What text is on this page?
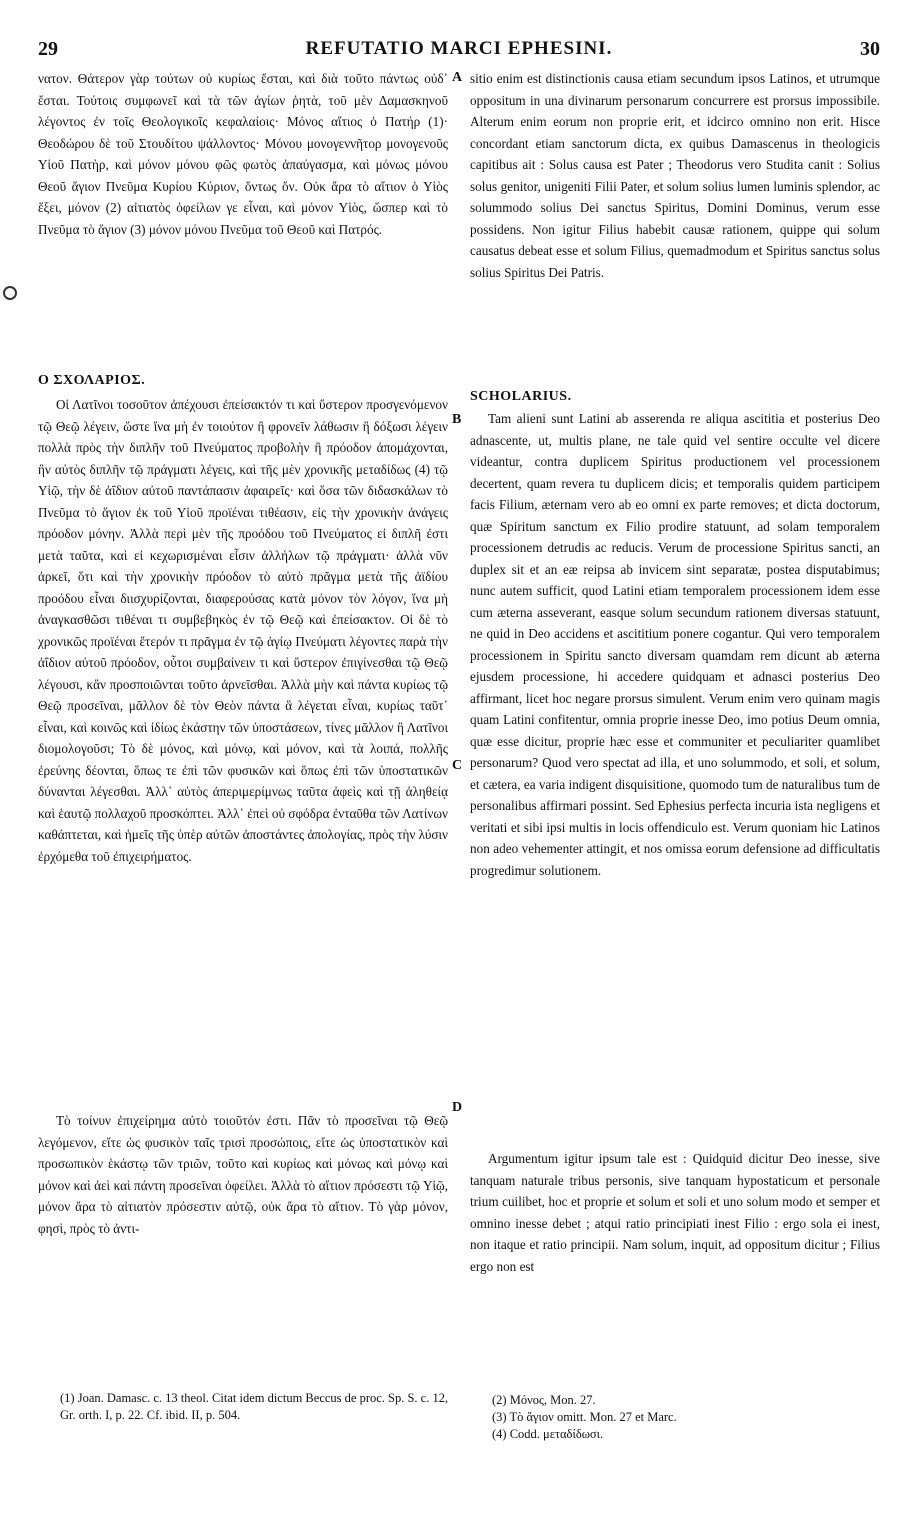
29	REFUTATIO MARCI EPHESINI.	30
A
B
C
D

νατον. Θάτερον γὰρ τούτων οὐ κυρίως ἔσται, καὶ διὰ τοῦτο πάντως οὐδ᾽ ἔσται. Τούτοις συμφωνεῖ καὶ τὰ τῶν ἁγίων ῥητὰ, τοῦ μὲν Δαμασκηνοῦ λέγοντος ἐν τοῖς Θεολογικοῖς κεφαλαίοις· Μόνος αἴτιος ὁ Πατήρ (1)· Θεοδώρου δὲ τοῦ Στουδίτου ψάλλοντος· Μόνου μονογεννῆτορ μονογενοῦς Υἱοῦ Πατὴρ, καὶ μόνον μόνου φῶς φωτὸς ἀπαύγασμα, καὶ μόνως μόνου Θεοῦ ἅγιον Πνεῦμα Κυρίου Κύριον, ὄντως ὄν. Οὐκ ἄρα τὸ αἴτιον ὁ Υἱὸς ἕξει, μόνον (2) αἰτιατὸς ὀφείλων γε εἶναι, καὶ μόνον Υἱὸς, ὥσπερ καὶ τὸ Πνεῦμα τὸ ἅγιον (3) μόνον μόνου Πνεῦμα τοῦ Θεοῦ καὶ Πατρός.

Ο ΣΧΟΛΑΡΙΟΣ.

Οἱ Λατῖνοι τοσοῦτον ἀπέχουσι ἐπείσακτόν τι καὶ ὕστερον προσγενόμενον τῷ Θεῷ λέγειν, ὥστε ἵνα μὴ ἐν τοιούτον ἢ φρονεῖν λάθωσιν ἢ δόξωσι λέγειν πολλὰ πρὸς τὴν διπλῆν τοῦ Πνεύματος προβολὴν ἢ πρόοδον ἀπομάχονται, ἣν αὐτὸς διπλῆν τῷ πράγματι λέγεις, καὶ τῆς μὲν χρονικῆς μεταδίδως (4) τῷ Υἱῷ, τὴν δὲ ἀΐδιον αὐτοῦ παντάπασιν ἀφαιρεῖς· καὶ ὅσα τῶν διδασκάλων τὸ Πνεῦμα τὸ ἅγιον ἐκ τοῦ Υἱοῦ προϊέναι τιθέασιν, εἰς τὴν χρονικὴν ἀνάγεις πρόοδον μόνην. Ἀλλὰ περὶ μὲν τῆς προόδου τοῦ Πνεύματος εἰ διπλῆ ἐστι μετὰ ταῦτα, καὶ εἰ κεχωρισμέναι εἶσιν ἀλλήλων τῷ πράγματι· ἀλλὰ νῦν ἀρκεῖ, ὅτι καὶ τὴν χρονικὴν πρόοδον τὸ αὐτὸ πρᾶγμα μετὰ τῆς ἀϊδίου προόδου εἶναι διισχυρίζονται, διαφερούσας κατὰ μόνον τὸν λόγον, ἵνα μὴ ἀναγκασθῶσι τιθέναι τι συμβεβηκὸς ἐν τῷ Θεῷ καὶ ἐπείσακτον. Οἱ δὲ τὸ χρονικῶς προϊέναι ἕτερόν τι πρᾶγμα ἐν τῷ ἁγίῳ Πνεύματι λέγοντες παρὰ τὴν ἀΐδιον αὐτοῦ πρόοδον, οὗτοι συμβαίνειν τι καὶ ὕστερον ἐπιγίνεσθαι τῷ Θεῷ λέγουσι, κἂν προσποιῶνται τοῦτο ἀρνεῖσθαι. Ἀλλὰ μὴν καὶ πάντα κυρίως τῷ Θεῷ προσεῖναι, μᾶλλον δὲ τὸν Θεὸν πάντα ἃ λέγεται εἶναι, κυρίως ταῦτ᾽ εἶναι, καὶ κοινῶς καὶ ἰδίως ἑκάστην τῶν ὑποστάσεων, τίνες μᾶλλον ἢ Λατῖνοι διομολογοῦσι; Τὸ δὲ μόνος, καὶ μόνῳ, καὶ μόνον, καὶ τὰ λοιπά, πολλῆς ἐρεύνης δέονται, ὅπως τε ἐπὶ τῶν φυσικῶν καὶ ὅπως ἐπὶ τῶν ὑποστατικῶν δύνανται λέγεσθαι. Ἀλλ᾽ αὐτὸς ἀπεριμερίμνως ταῦτα ἀφεὶς καὶ τῇ ἀληθείᾳ καὶ ἑαυτῷ πολλαχοῦ προσκόπτει. Ἀλλ᾽ ἐπεὶ οὐ σφόδρα ἐνταῦθα τῶν Λατίνων καθάπτεται, καὶ ἡμεῖς τῆς ὑπὲρ αὐτῶν ἀποστάντες ἀπολογίας, πρὸς τὴν λύσιν ἐρχόμεθα τοῦ ἐπιχειρήματος.

Τὸ τοίνυν ἐπιχείρημα αὐτὸ τοιοῦτόν ἐστι. Πᾶν τὸ προσεῖναι τῷ Θεῷ λεγόμενον, εἴτε ὡς φυσικὸν ταῖς τρισὶ προσώποις, εἴτε ὡς ὑποστατικὸν καὶ προσωπικὸν ἑκάστῳ τῶν τριῶν, τοῦτο καὶ κυρίως καὶ μόνως καὶ μόνῳ καὶ μόνον καὶ ἀεὶ καὶ πάντη προσεῖναι ὀφείλει. Ἀλλὰ τὸ αἴτιον πρόσεστι τῷ Υἱῷ, μόνον ἄρα τὸ αἰτιατὸν πρόσεστιν αὐτῷ, οὐκ ἄρα τὸ αἴτιον. Τὸ γὰρ μόνον, φησὶ, πρὸς τὸ ἀντι-

sitio enim est distinctionis causa etiam secundum ipsos Latinos, et utrumque oppositum in una divinarum personarum concurrere est prorsus impossibile. Alterum enim eorum non proprie erit, et idcirco omnino non erit. Hisce concordant etiam sanctorum dicta, ex quibus Damascenus in theologicis capitibus ait : Solus causa est Pater ; Theodorus vero Studita canit : Solius solus genitor, unigeniti Filii Pater, et solum solius lumen luminis splendor, ac solummodo solius Dei sanctus Spiritus, Domini Dominus, verum esse possidens. Non igitur Filius habebit causæ rationem, quippe qui solum causatus debeat esse et solum Filius, quemadmodum et Spiritus sanctus solus solius Spiritus Dei Patris.

SCHOLARIUS.

Tam alieni sunt Latini ab asserenda re aliqua ascititia et posterius Deo adnascente, ut, multis plane, ne tale quid vel sentire occulte vel dicere videantur, contra duplicem Spiritus productionem vel processionem decertent, quam revera tu duplicem dicis; et temporalis quidem participem facis Filium, æternam vero ab eo omni ex parte removes; et dicta doctorum, quæ Spiritum sanctum ex Filio prodire statuunt, ad solam temporalem processionem detrudis ac reducis. Verum de processione Spiritus sancti, an duplex sit et an eæ reipsa ab invicem sint separatæ, postea disputabimus; nunc autem sufficit, quod Latini etiam temporalem processionem idem esse cum æterna asseverant, easque solum secundum rationem diversas statuunt, ne quid in Deo accidens et ascititium ponere cogantur. Qui vero temporalem processionem in Spiritu sancto diversam quamdam rem dicunt ab æterna ejusdem processione, hi accedere quidquam et adnasci posterius Deo affirmant, licet hoc negare prorsus simulent. Verum enim vero quinam magis quam Latini confitentur, omnia proprie inesse Deo, imo potius Deum omnia, quæ esse dicitur, proprie hæc esse et communiter et peculiariter quamlibet personarum? Quod vero spectat ad illa, et uno solummodo, et soli, et solum, et cætera, ea varia indigent disquisitione, quomodo tum de naturalibus tum de personalibus affirmari possint. Sed Ephesius perfecta incuria ista negligens et veritati et sibi ipsi multis in locis offendiculo est. Verum quoniam hic Latinos non adeo vehementer attingit, et nos omissa eorum defensione ad difficultatis progredimur solutionem.

Argumentum igitur ipsum tale est : Quidquid dicitur Deo inesse, sive tanquam naturale tribus personis, sive tanquam hypostaticum et personale trium cuilibet, hoc et proprie et solum et soli et uno solum modo et semper et omnino inesse debet ; atqui ratio principiati inest Filio : ergo sola ei inest, non itaque et ratio principii. Nam solum, inquit, ad oppositum dicitur ; Filius ergo non est

(1) Joan. Damasc. c. 13 theol. Citat idem dictum Beccus de proc. Sp. S. c. 12, Gr. orth. I, p. 22. Cf. ibid. II, p. 504.

(2) Μόνος, Mon. 27.

(3) Τὸ ἅγιον omitt. Mon. 27 et Marc.

(4) Codd. μεταδίδωσι.
